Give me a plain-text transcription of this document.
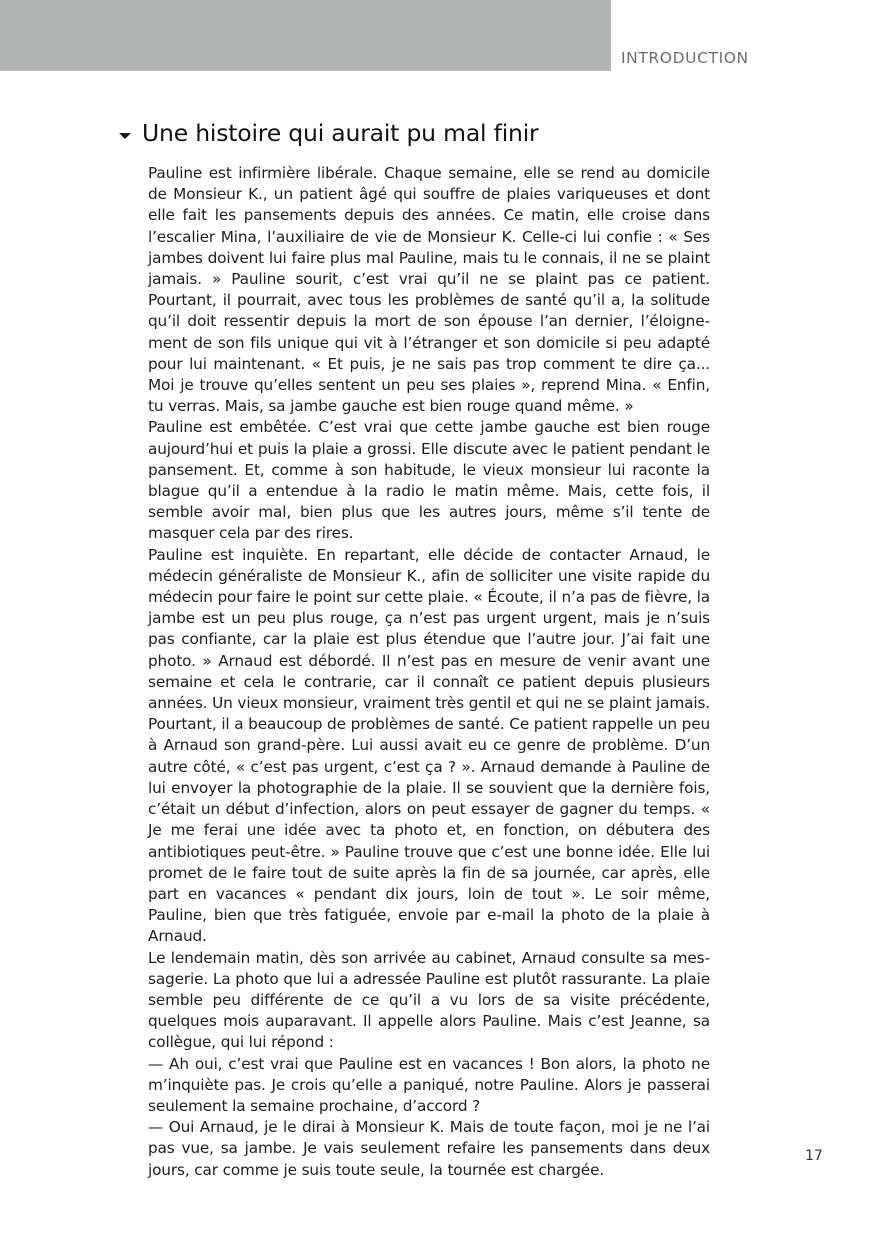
INTRODUCTION
Une histoire qui aurait pu mal finir

Pauline est infirmière libérale. Chaque semaine, elle se rend au domicile de Monsieur K., un patient âgé qui souffre de plaies variqueuses et dont elle fait les pansements depuis des années. Ce matin, elle croise dans l’escalier Mina, l’auxiliaire de vie de Monsieur K. Celle-ci lui confie : « Ses jambes doivent lui faire plus mal Pauline, mais tu le connais, il ne se plaint jamais. » Pauline sourit, c’est vrai qu’il ne se plaint pas ce patient. Pourtant, il pourrait, avec tous les problèmes de santé qu’il a, la solitude qu’il doit ressentir depuis la mort de son épouse l’an dernier, l’éloignement de son fils unique qui vit à l’étranger et son domicile si peu adapté pour lui maintenant. « Et puis, je ne sais pas trop comment te dire ça... Moi je trouve qu’elles sentent un peu ses plaies », reprend Mina. « Enfin, tu verras. Mais, sa jambe gauche est bien rouge quand même. »

Pauline est embêtée. C’est vrai que cette jambe gauche est bien rouge aujourd’hui et puis la plaie a grossi. Elle discute avec le patient pendant le pansement. Et, comme à son habitude, le vieux monsieur lui raconte la blague qu’il a entendue à la radio le matin même. Mais, cette fois, il semble avoir mal, bien plus que les autres jours, même s’il tente de masquer cela par des rires.

Pauline est inquiète. En repartant, elle décide de contacter Arnaud, le médecin généraliste de Monsieur K., afin de solliciter une visite rapide du médecin pour faire le point sur cette plaie. « Écoute, il n’a pas de fièvre, la jambe est un peu plus rouge, ça n’est pas urgent urgent, mais je n’suis pas confiante, car la plaie est plus étendue que l’autre jour. J’ai fait une photo. » Arnaud est débordé. Il n’est pas en mesure de venir avant une semaine et cela le contrarie, car il connaît ce patient depuis plusieurs années. Un vieux monsieur, vraiment très gentil et qui ne se plaint jamais. Pourtant, il a beaucoup de problèmes de santé. Ce patient rappelle un peu à Arnaud son grand-père. Lui aussi avait eu ce genre de problème. D’un autre côté, « c’est pas urgent, c’est ça ? ». Arnaud demande à Pauline de lui envoyer la photographie de la plaie. Il se souvient que la dernière fois, c’était un début d’infection, alors on peut essayer de gagner du temps. « Je me ferai une idée avec ta photo et, en fonction, on débutera des antibiotiques peut-être. » Pauline trouve que c’est une bonne idée. Elle lui promet de le faire tout de suite après la fin de sa journée, car après, elle part en vacances « pendant dix jours, loin de tout ». Le soir même, Pauline, bien que très fatiguée, envoie par e-mail la photo de la plaie à Arnaud.

Le lendemain matin, dès son arrivée au cabinet, Arnaud consulte sa messagerie. La photo que lui a adressée Pauline est plutôt rassurante. La plaie semble peu différente de ce qu’il a vu lors de sa visite précédente, quelques mois auparavant. Il appelle alors Pauline. Mais c’est Jeanne, sa collègue, qui lui répond :

— Ah oui, c’est vrai que Pauline est en vacances ! Bon alors, la photo ne m’inquiète pas. Je crois qu’elle a paniqué, notre Pauline. Alors je passerai seulement la semaine prochaine, d’accord ?

— Oui Arnaud, je le dirai à Monsieur K. Mais de toute façon, moi je ne l’ai pas vue, sa jambe. Je vais seulement refaire les pansements dans deux jours, car comme je suis toute seule, la tournée est chargée.

17
